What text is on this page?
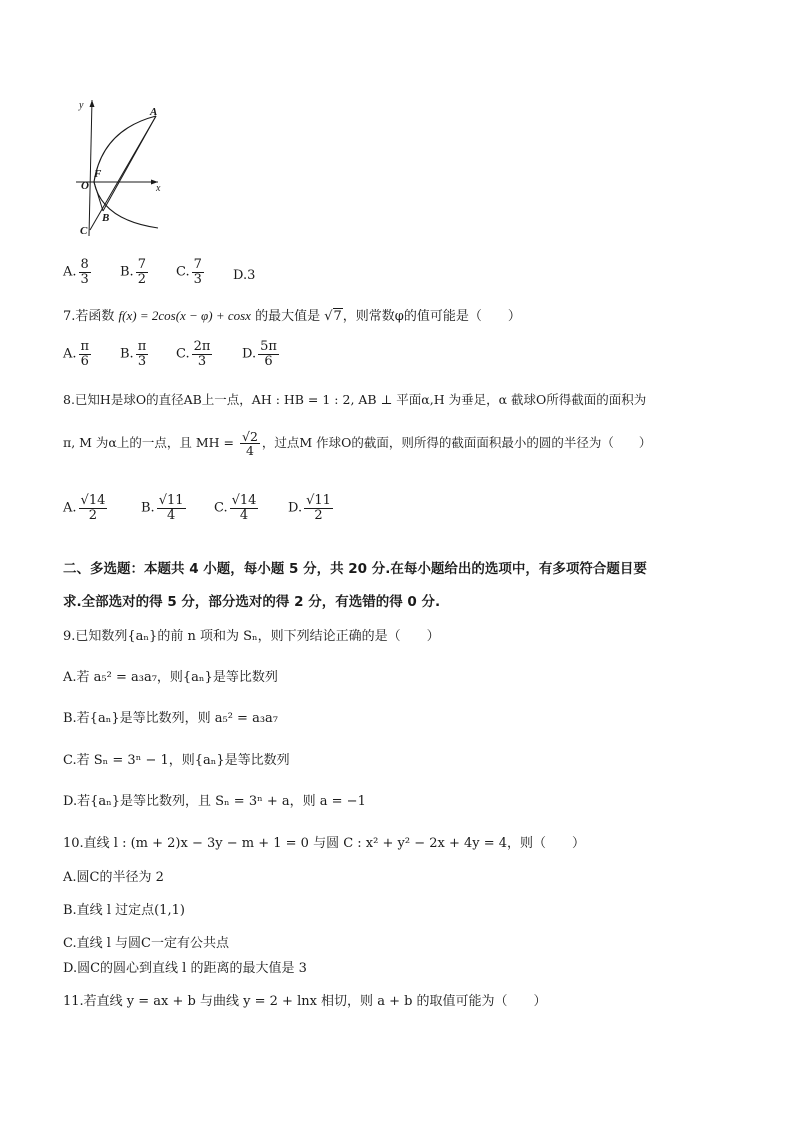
y
x
A
F
O
B
C
A. $\frac{8}{3} B$. $\frac{7}{2} C$. $\frac{7}{3} D.3$
7.若函数 f(x) = 2cos(x − φ) + cosx 的最大值是 √7，则常数φ的值可能是（　　）
A. $\frac{\pi}{6} B$. $\frac{\pi}{3} C$. $\frac{2\pi}{3} D$. $\frac{5\pi}{6}$
8.已知H是球O的直径AB上一点，AH : HB = 1 : 2, AB ⊥ 平面α,H 为垂足，α 截球O所得截面的面积为
π, M 为α上的一点，且 MH = $\frac{√2}{4}$ ，过点M 作球O的截面，则所得的截面面积最小的圆的半径为（　　）
A. $\frac{√14}{2}$	B. $\frac{√11}{4} C$. $\frac{√14}{4} D$. $\frac{√11}{2}$
二、多选题：本题共 4 小题，每小题 5 分，共 20 分.在每小题给出的选项中，有多项符合题目要
求.全部选对的得 5 分，部分选对的得 2 分，有选错的得 0 分.
9.已知数列{aₙ}的前 n 项和为 Sₙ，则下列结论正确的是（　　）
A.若 a₅² = a₃a₇，则{aₙ}是等比数列
B.若{aₙ}是等比数列，则 a₅² = a₃a₇
C.若 Sₙ = 3ⁿ − 1，则{aₙ}是等比数列
D.若{aₙ}是等比数列，且 Sₙ = 3ⁿ + a，则 a = −1
10.直线 l : (m + 2)x − 3y − m + 1 = 0 与圆 C : x² + y² − 2x + 4y = 4，则（　　）
A.圆C的半径为 2
B.直线 l 过定点(1,1)
C.直线 l 与圆C一定有公共点
D.圆C的圆心到直线 l 的距离的最大值是 3
11.若直线 y = ax + b 与曲线 y = 2 + lnx 相切，则 a + b 的取值可能为（　　）
